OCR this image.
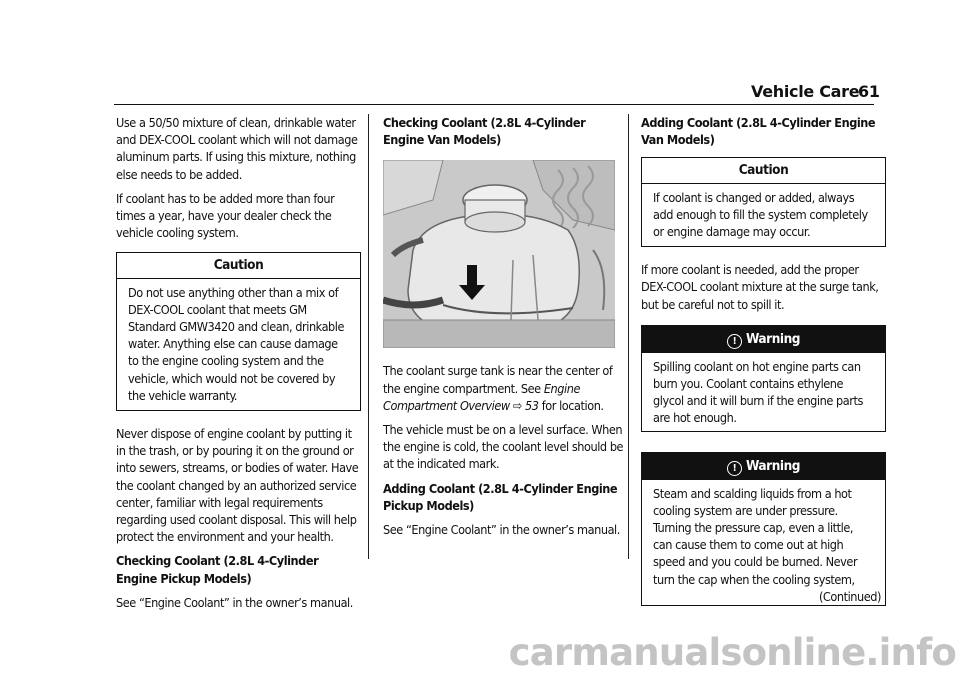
Vehicle Care
61

Use a 50/50 mixture of clean, drinkable water and DEX-COOL coolant which will not damage aluminum parts. If using this mixture, nothing else needs to be added.

If coolant has to be added more than four times a year, have your dealer check the vehicle cooling system.

Caution
Do not use anything other than a mix of DEX-COOL coolant that meets GM Standard GMW3420 and clean, drinkable water. Anything else can cause damage to the engine cooling system and the vehicle, which would not be covered by the vehicle warranty.

Never dispose of engine coolant by putting it in the trash, or by pouring it on the ground or into sewers, streams, or bodies of water. Have the coolant changed by an authorized service center, familiar with legal requirements regarding used coolant disposal. This will help protect the environment and your health.

Checking Coolant (2.8L 4-Cylinder Engine Pickup Models)

See “Engine Coolant” in the owner’s manual.

Checking Coolant (2.8L 4-Cylinder Engine Van Models)

The coolant surge tank is near the center of the engine compartment. See Engine Compartment Overview ⇨ 53 for location.

The vehicle must be on a level surface. When the engine is cold, the coolant level should be at the indicated mark.

Adding Coolant (2.8L 4-Cylinder Engine Pickup Models)

See “Engine Coolant” in the owner’s manual.

Adding Coolant (2.8L 4-Cylinder Engine Van Models)

Caution
If coolant is changed or added, always add enough to fill the system completely or engine damage may occur.

If more coolant is needed, add the proper DEX-COOL coolant mixture at the surge tank, but be careful not to spill it.

! Warning
Spilling coolant on hot engine parts can burn you. Coolant contains ethylene glycol and it will burn if the engine parts are hot enough.
! Warning
Steam and scalding liquids from a hot cooling system are under pressure. Turning the pressure cap, even a little, can cause them to come out at high speed and you could be burned. Never turn the cap when the cooling system,
(Continued)
carmanualsonline.info
